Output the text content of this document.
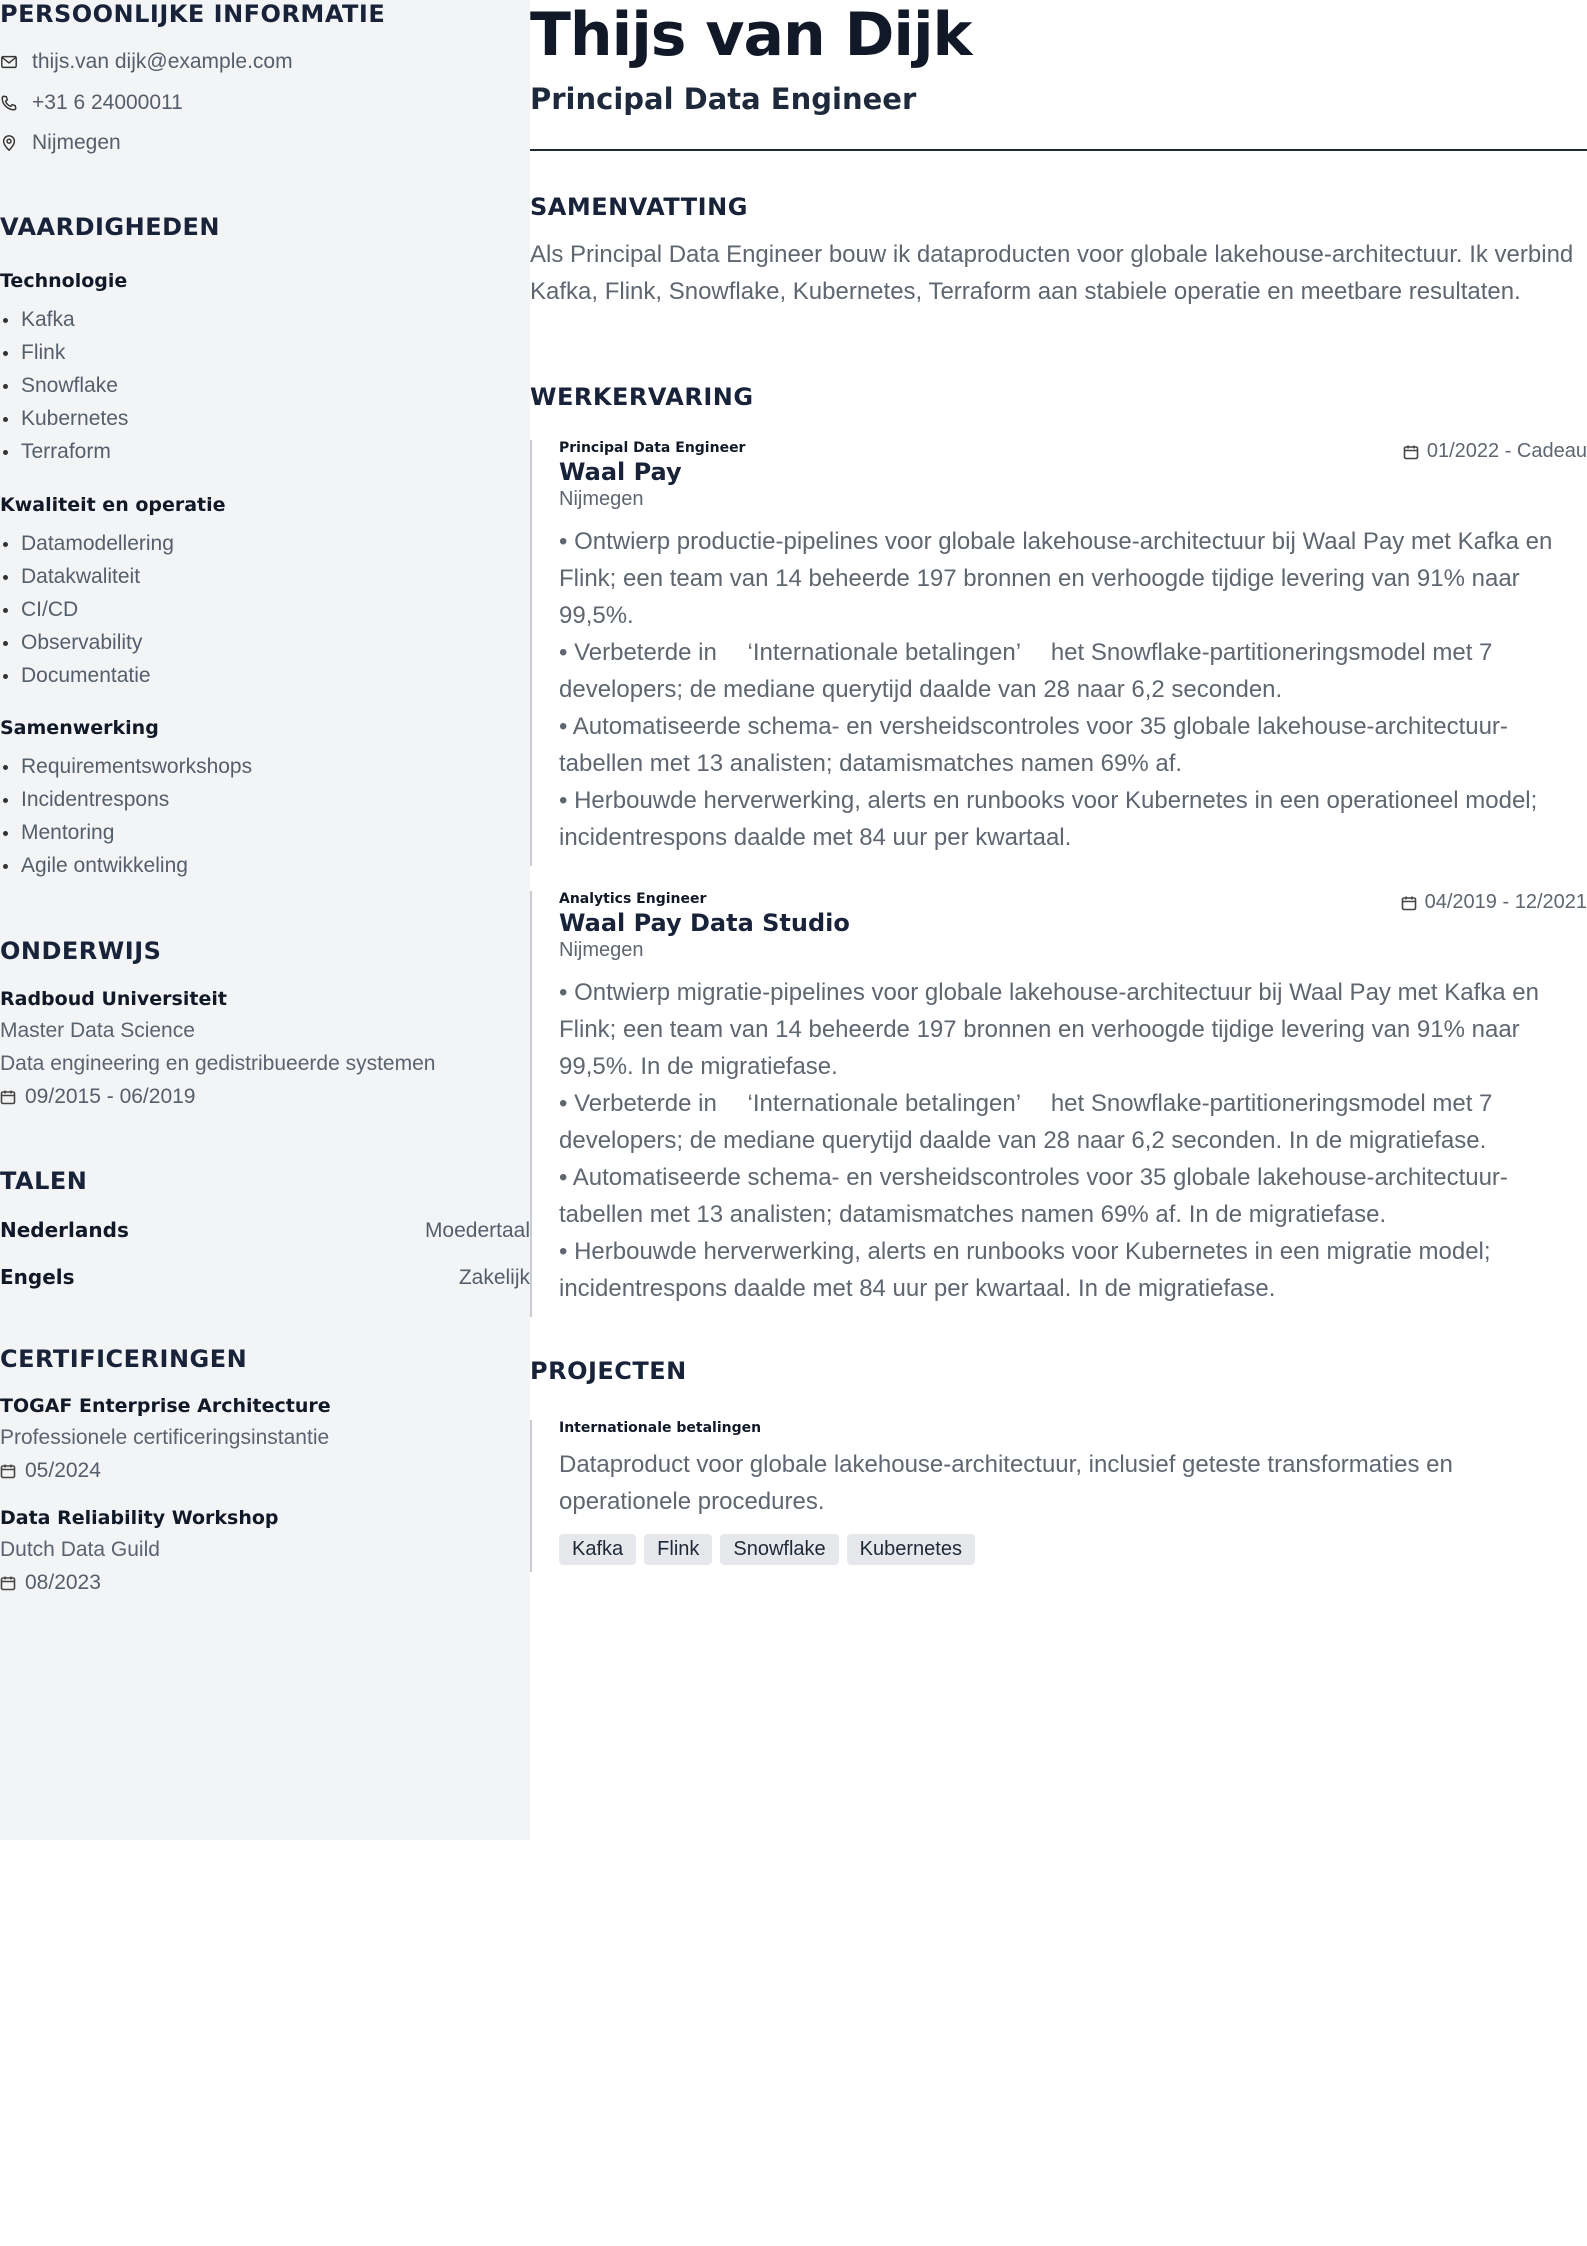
PERSOONLIJKE INFORMATIE
thijs.van dijk@example.com
+31 6 24000011
Nijmegen
VAARDIGHEDEN
Technologie
Kafka
Flink
Snowflake
Kubernetes
Terraform
Kwaliteit en operatie
Datamodellering
Datakwaliteit
CI/CD
Observability
Documentatie
Samenwerking
Requirementsworkshops
Incidentrespons
Mentoring
Agile ontwikkeling
ONDERWIJS
Radboud Universiteit
Master Data Science
Data engineering en gedistribueerde systemen
09/2015 - 06/2019
TALEN
Nederlands	Moedertaal
Engels	Zakelijk
CERTIFICERINGEN
TOGAF Enterprise Architecture
Professionele certificeringsinstantie
05/2024
Data Reliability Workshop
Dutch Data Guild
08/2023
Thijs van Dijk
Principal Data Engineer
SAMENVATTING

Als Principal Data Engineer bouw ik dataproducten voor globale lakehouse-architectuur. Ik verbind Kafka, Flink, Snowflake, Kubernetes, Terraform aan stabiele operatie en meetbare resultaten.

WERKERVARING
Principal Data Engineer
Waal Pay
Nijmegen
01/2022 - Cadeau
• Ontwierp productie-pipelines voor globale lakehouse-architectuur bij Waal Pay met Kafka en Flink; een team van 14 beheerde 197 bronnen en verhoogde tijdige levering van 91% naar 99,5%.
• Verbeterde in 　‘Internationale betalingen’　 het Snowflake-partitioneringsmodel met 7 developers; de mediane querytijd daalde van 28 naar 6,2 seconden.
• Automatiseerde schema- en versheidscontroles voor 35 globale lakehouse-architectuur-tabellen met 13 analisten; datamismatches namen 69% af.
• Herbouwde herverwerking, alerts en runbooks voor Kubernetes in een operationeel model; incidentrespons daalde met 84 uur per kwartaal.
Analytics Engineer
Waal Pay Data Studio
Nijmegen
04/2019 - 12/2021
• Ontwierp migratie-pipelines voor globale lakehouse-architectuur bij Waal Pay met Kafka en Flink; een team van 14 beheerde 197 bronnen en verhoogde tijdige levering van 91% naar 99,5%. In de migratiefase.
• Verbeterde in 　‘Internationale betalingen’　 het Snowflake-partitioneringsmodel met 7 developers; de mediane querytijd daalde van 28 naar 6,2 seconden. In de migratiefase.
• Automatiseerde schema- en versheidscontroles voor 35 globale lakehouse-architectuur-tabellen met 13 analisten; datamismatches namen 69% af. In de migratiefase.
• Herbouwde herverwerking, alerts en runbooks voor Kubernetes in een migratie model; incidentrespons daalde met 84 uur per kwartaal. In de migratiefase.
PROJECTEN
Internationale betalingen
Dataproduct voor globale lakehouse-architectuur, inclusief geteste transformaties en operationele procedures.
Kafka	Flink	Snowflake	Kubernetes
